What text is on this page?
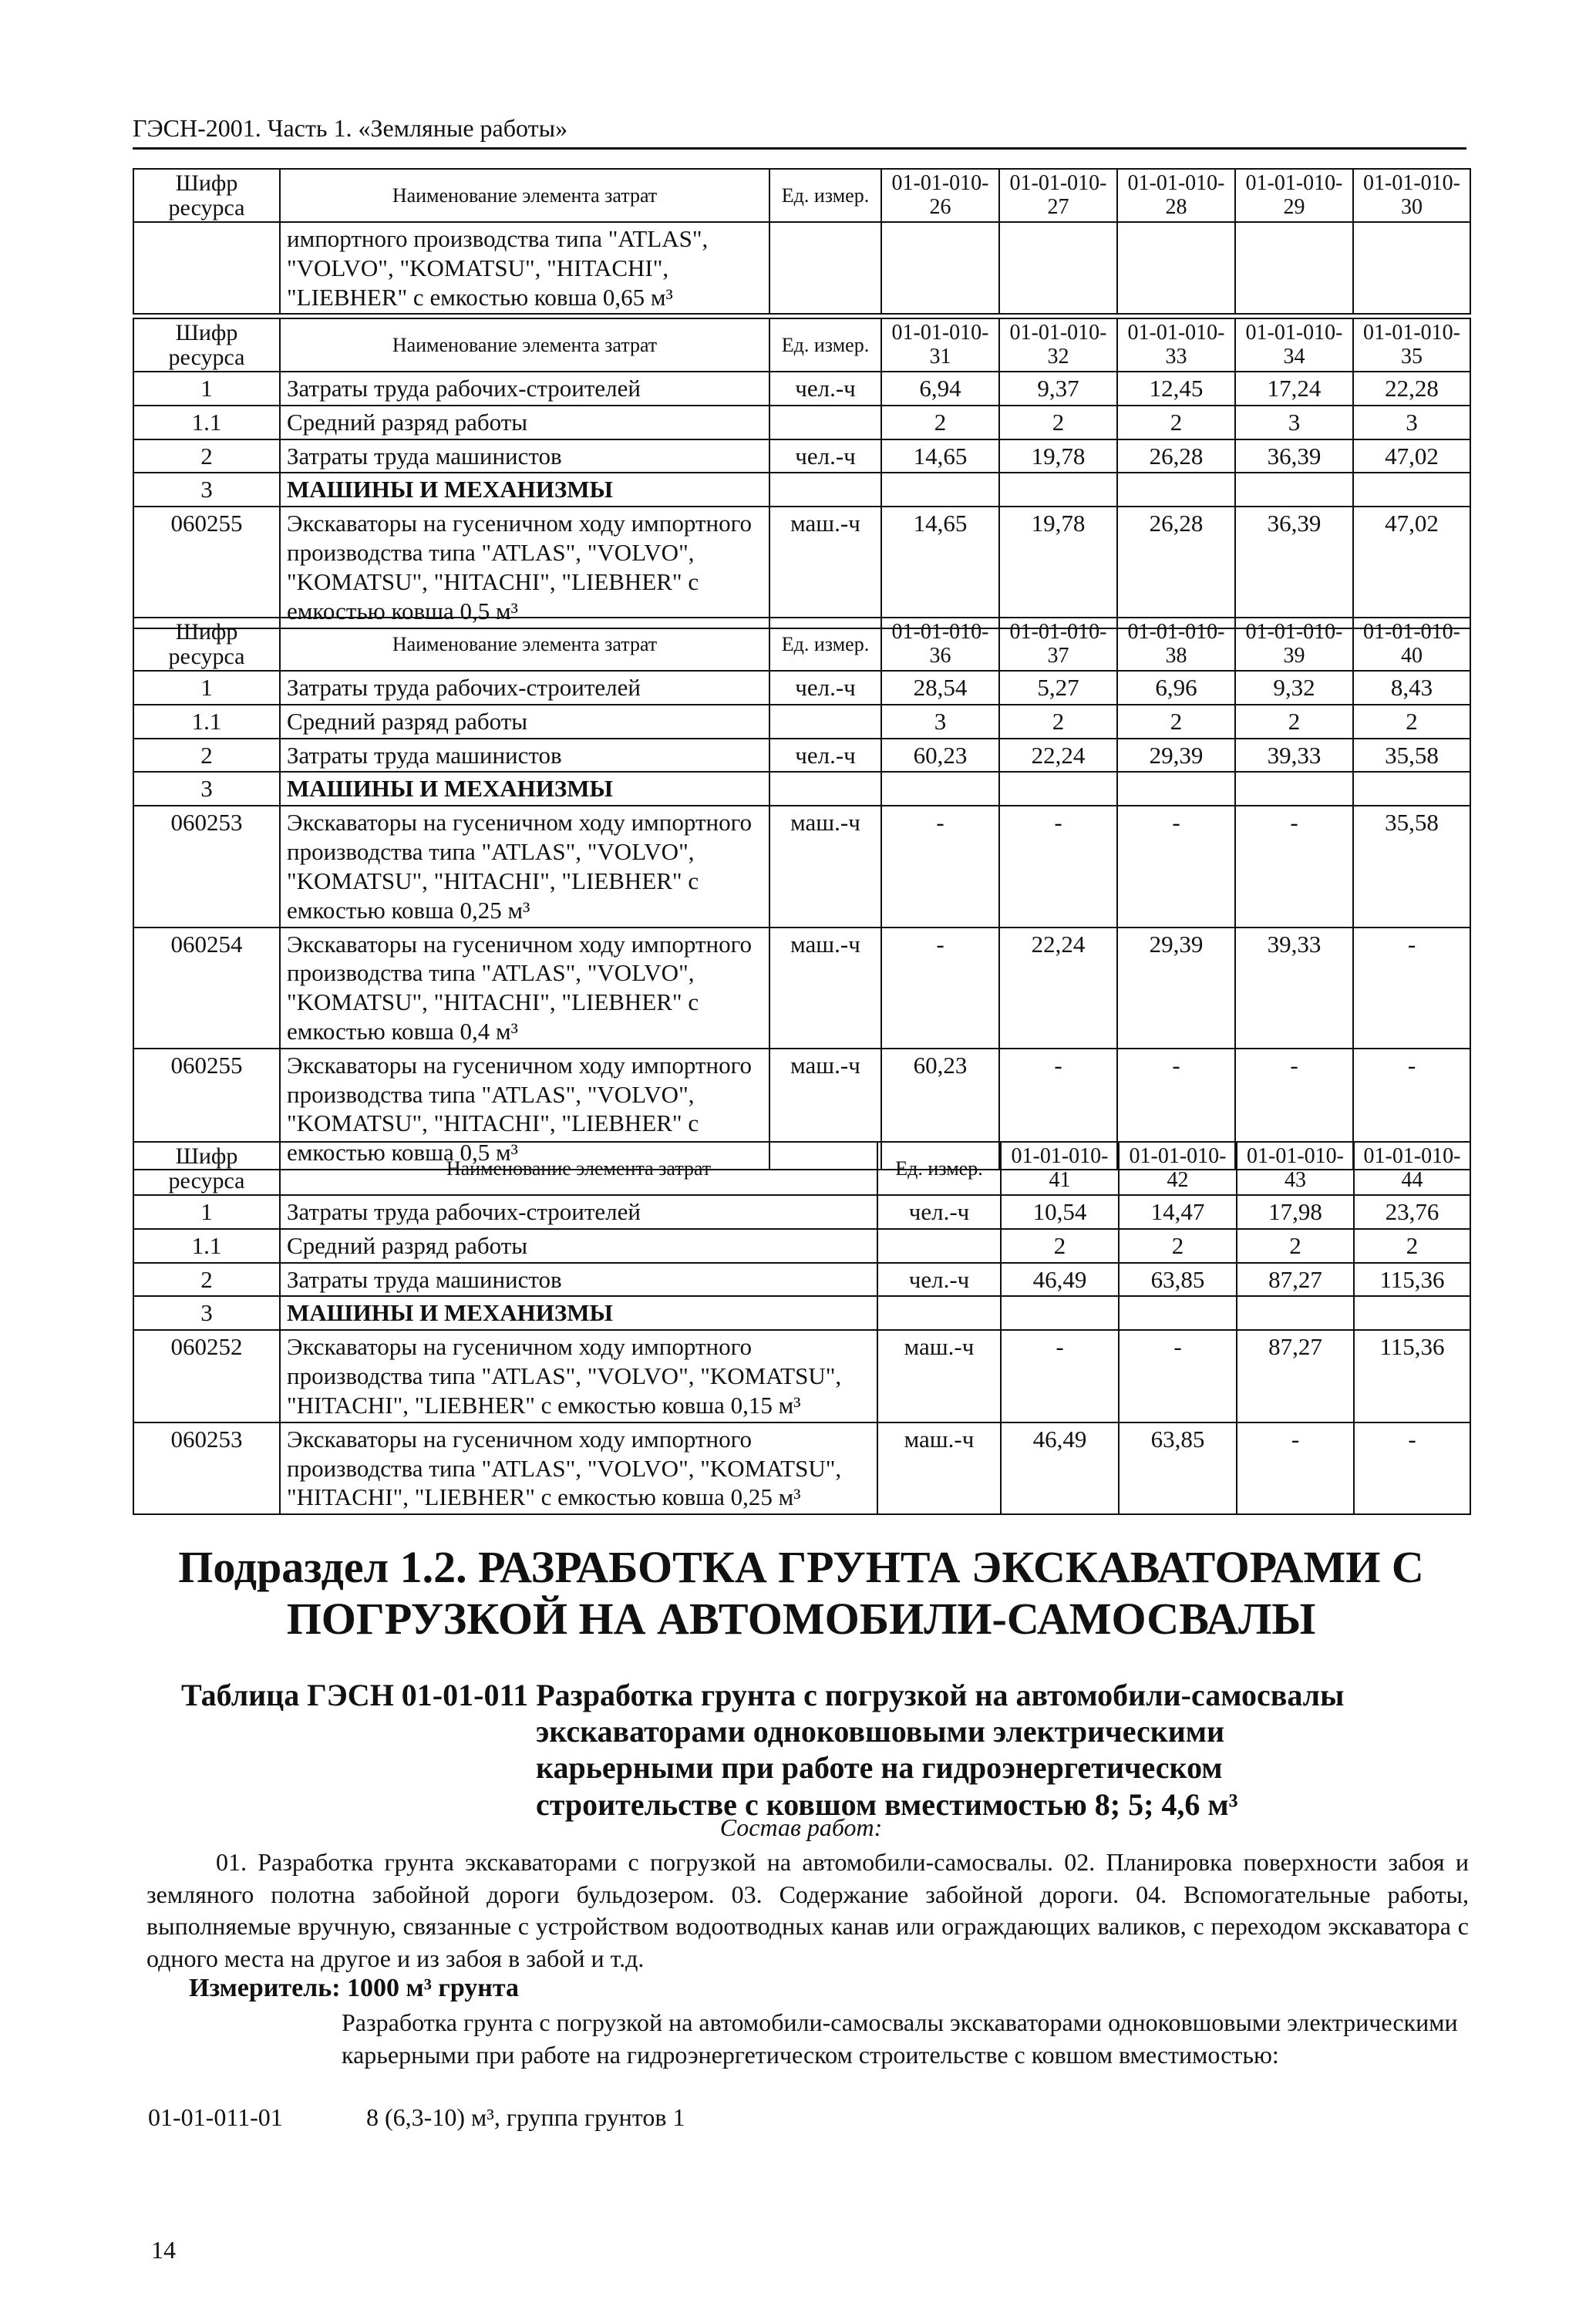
ГЭСН-2001. Часть 1. «Земляные работы»
Шифр ресурса	Наименование элемента затрат	Ед. измер.	01-01-010-26	01-01-010-27	01-01-010-28	01-01-010-29	01-01-010-30
	импортного производства типа "ATLAS", "VOLVO", "KOMATSU", "HITACHI", "LIEBHER" с емкостью ковша 0,65 м³						
Шифр ресурса	Наименование элемента затрат	Ед. измер.	01-01-010-31	01-01-010-32	01-01-010-33	01-01-010-34	01-01-010-35
1	Затраты труда рабочих-строителей	чел.-ч	6,94	9,37	12,45	17,24	22,28
1.1	Средний разряд работы		2	2	2	3	3
2	Затраты труда машинистов	чел.-ч	14,65	19,78	26,28	36,39	47,02
3	МАШИНЫ И МЕХАНИЗМЫ						
060255	Экскаваторы на гусеничном ходу импортного производства типа "ATLAS", "VOLVO", "KOMATSU", "HITACHI", "LIEBHER" с емкостью ковша 0,5 м³	маш.-ч	14,65	19,78	26,28	36,39	47,02
Шифр ресурса	Наименование элемента затрат	Ед. измер.	01-01-010-36	01-01-010-37	01-01-010-38	01-01-010-39	01-01-010-40
1	Затраты труда рабочих-строителей	чел.-ч	28,54	5,27	6,96	9,32	8,43
1.1	Средний разряд работы		3	2	2	2	2
2	Затраты труда машинистов	чел.-ч	60,23	22,24	29,39	39,33	35,58
3	МАШИНЫ И МЕХАНИЗМЫ						
060253	Экскаваторы на гусеничном ходу импортного производства типа "ATLAS", "VOLVO", "KOMATSU", "HITACHI", "LIEBHER" с емкостью ковша 0,25 м³	маш.-ч	-	-	-	-	35,58
060254	Экскаваторы на гусеничном ходу импортного производства типа "ATLAS", "VOLVO", "KOMATSU", "HITACHI", "LIEBHER" с емкостью ковша 0,4 м³	маш.-ч	-	22,24	29,39	39,33	-
060255	Экскаваторы на гусеничном ходу импортного производства типа "ATLAS", "VOLVO", "KOMATSU", "HITACHI", "LIEBHER" с емкостью ковша 0,5 м³	маш.-ч	60,23	-	-	-	-
Шифр ресурса	Наименование элемента затрат	Ед. измер.	01-01-010-41	01-01-010-42	01-01-010-43	01-01-010-44
1	Затраты труда рабочих-строителей	чел.-ч	10,54	14,47	17,98	23,76
1.1	Средний разряд работы		2	2	2	2
2	Затраты труда машинистов	чел.-ч	46,49	63,85	87,27	115,36
3	МАШИНЫ И МЕХАНИЗМЫ					
060252	Экскаваторы на гусеничном ходу импортного производства типа "ATLAS", "VOLVO", "KOMATSU", "HITACHI", "LIEBHER" с емкостью ковша 0,15 м³	маш.-ч	-	-	87,27	115,36
060253	Экскаваторы на гусеничном ходу импортного производства типа "ATLAS", "VOLVO", "KOMATSU", "HITACHI", "LIEBHER" с емкостью ковша 0,25 м³	маш.-ч	46,49	63,85	-	-
Подраздел 1.2. РАЗРАБОТКА ГРУНТА ЭКСКАВАТОРАМИ С
ПОГРУЗКОЙ НА АВТОМОБИЛИ-САМОСВАЛЫ
Таблица ГЭСН 01-01-011 Разработка грунта с погрузкой на автомобили-самосвалы
экскаваторами одноковшовыми электрическими
карьерными при работе на гидроэнергетическом
строительстве с ковшом вместимостью 8; 5; 4,6 м³
Состав работ:
01. Разработка грунта экскаваторами с погрузкой на автомобили-самосвалы. 02. Планировка поверхности забоя и земляного полотна забойной дороги бульдозером. 03. Содержание забойной дороги. 04. Вспомогательные работы, выполняемые вручную, связанные с устройством водоотводных канав или ограждающих валиков, с переходом экскаватора с одного места на другое и из забоя в забой и т.д.
Измеритель: 1000 м³ грунта
Разработка грунта с погрузкой на автомобили-самосвалы экскаваторами одноковшовыми электрическими карьерными при работе на гидроэнергетическом строительстве с ковшом вместимостью:
01-01-011-01	8 (6,3-10) м³, группа грунтов 1
14
